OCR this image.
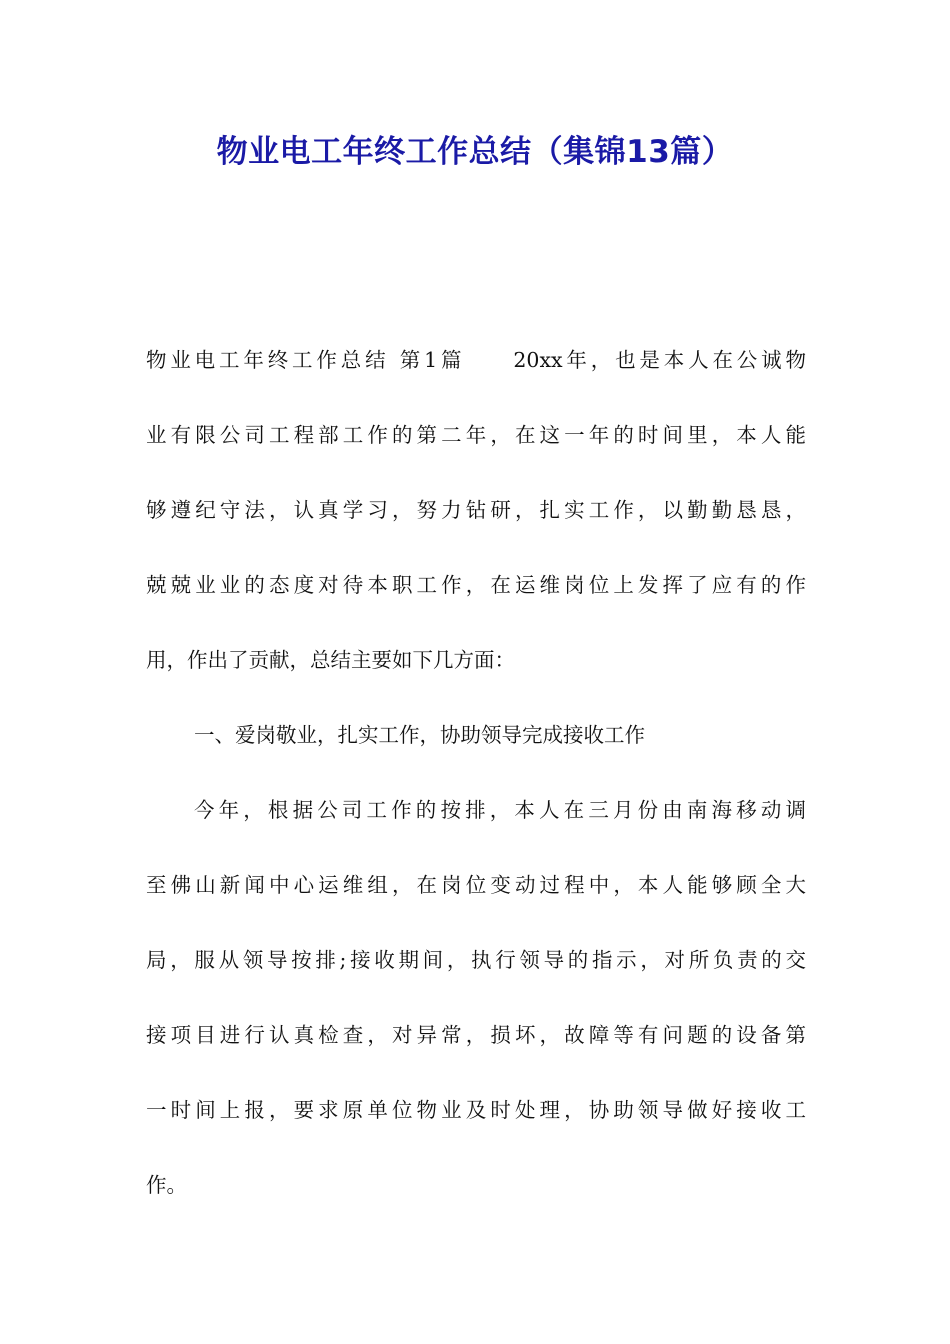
物业电工年终工作总结（集锦13篇）
物业电工年终工作总结 第1篇 20xx年，也是本人在公诚物
业有限公司工程部工作的第二年，在这一年的时间里，本人能
够遵纪守法，认真学习，努力钻研，扎实工作，以勤勤恳恳，
兢兢业业的态度对待本职工作，在运维岗位上发挥了应有的作
用，作出了贡献，总结主要如下几方面：
一、爱岗敬业，扎实工作，协助领导完成接收工作
今年，根据公司工作的按排，本人在三月份由南海移动调
至佛山新闻中心运维组，在岗位变动过程中，本人能够顾全大
局，服从领导按排;接收期间，执行领导的指示，对所负责的交
接项目进行认真检查，对异常，损坏，故障等有问题的设备第
一时间上报，要求原单位物业及时处理，协助领导做好接收工
作。
